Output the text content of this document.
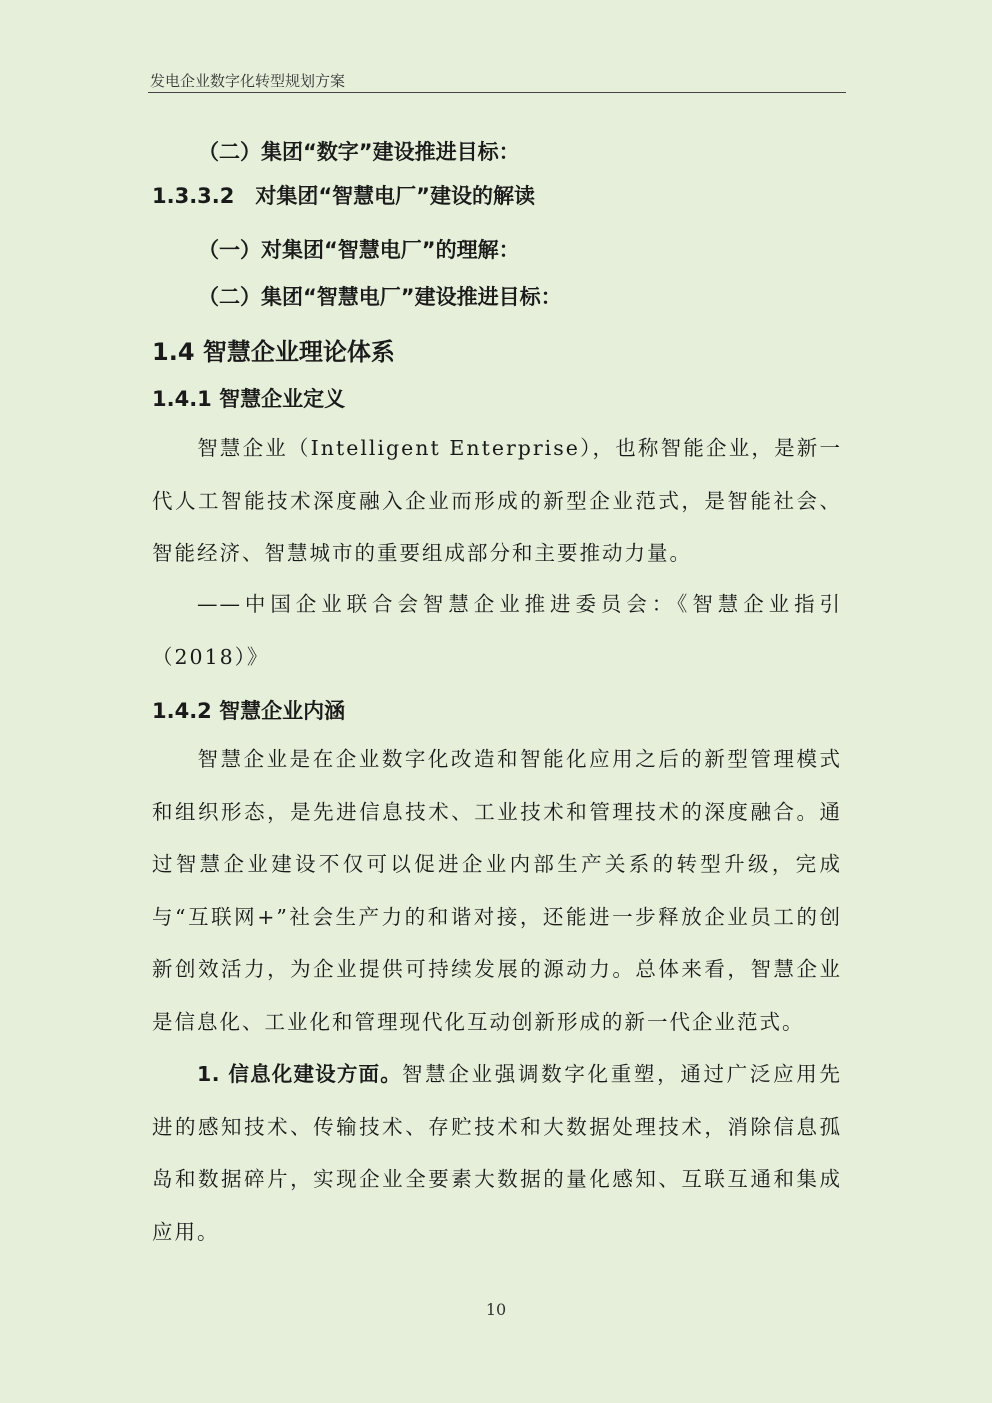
发电企业数字化转型规划方案
（二）集团“数字”建设推进目标：
1.3.3.2　对集团“智慧电厂”建设的解读
（一）对集团“智慧电厂”的理解：
（二）集团“智慧电厂”建设推进目标：
1.4 智慧企业理论体系
1.4.1 智慧企业定义
智慧企业（Intelligent Enterprise），也称智能企业，是新一代人工智能技术深度融入企业而形成的新型企业范式，是智能社会、智能经济、智慧城市的重要组成部分和主要推动力量。
——中国企业联合会智慧企业推进委员会：《智慧企业指引（2018）》
1.4.2 智慧企业内涵
智慧企业是在企业数字化改造和智能化应用之后的新型管理模式和组织形态，是先进信息技术、工业技术和管理技术的深度融合。通过智慧企业建设不仅可以促进企业内部生产关系的转型升级，完成与“互联网+”社会生产力的和谐对接，还能进一步释放企业员工的创新创效活力，为企业提供可持续发展的源动力。总体来看，智慧企业是信息化、工业化和管理现代化互动创新形成的新一代企业范式。
1. 信息化建设方面。智慧企业强调数字化重塑，通过广泛应用先进的感知技术、传输技术、存贮技术和大数据处理技术，消除信息孤岛和数据碎片，实现企业全要素大数据的量化感知、互联互通和集成应用。
10
